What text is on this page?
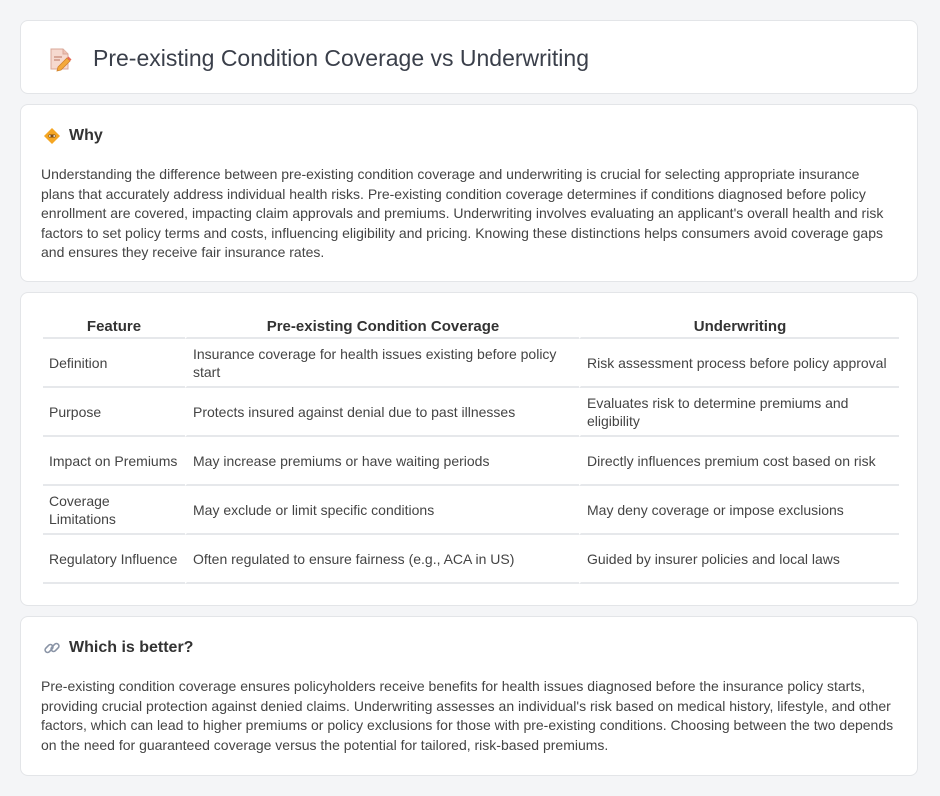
Pre-existing Condition Coverage vs Underwriting
Why

Understanding the difference between pre-existing condition coverage and underwriting is crucial for selecting appropriate insurance plans that accurately address individual health risks. Pre-existing condition coverage determines if conditions diagnosed before policy enrollment are covered, impacting claim approvals and premiums. Underwriting involves evaluating an applicant's overall health and risk factors to set policy terms and costs, influencing eligibility and pricing. Knowing these distinctions helps consumers avoid coverage gaps and ensures they receive fair insurance rates.

Feature	Pre-existing Condition Coverage	Underwriting
Definition	Insurance coverage for health issues existing before policy start	Risk assessment process before policy approval
Purpose	Protects insured against denial due to past illnesses	Evaluates risk to determine premiums and eligibility
Impact on Premiums	May increase premiums or have waiting periods	Directly influences premium cost based on risk
Coverage Limitations	May exclude or limit specific conditions	May deny coverage or impose exclusions
Regulatory Influence	Often regulated to ensure fairness (e.g., ACA in US)	Guided by insurer policies and local laws
Which is better?

Pre-existing condition coverage ensures policyholders receive benefits for health issues diagnosed before the insurance policy starts, providing crucial protection against denied claims. Underwriting assesses an individual's risk based on medical history, lifestyle, and other factors, which can lead to higher premiums or policy exclusions for those with pre-existing conditions. Choosing between the two depends on the need for guaranteed coverage versus the potential for tailored, risk-based premiums.
